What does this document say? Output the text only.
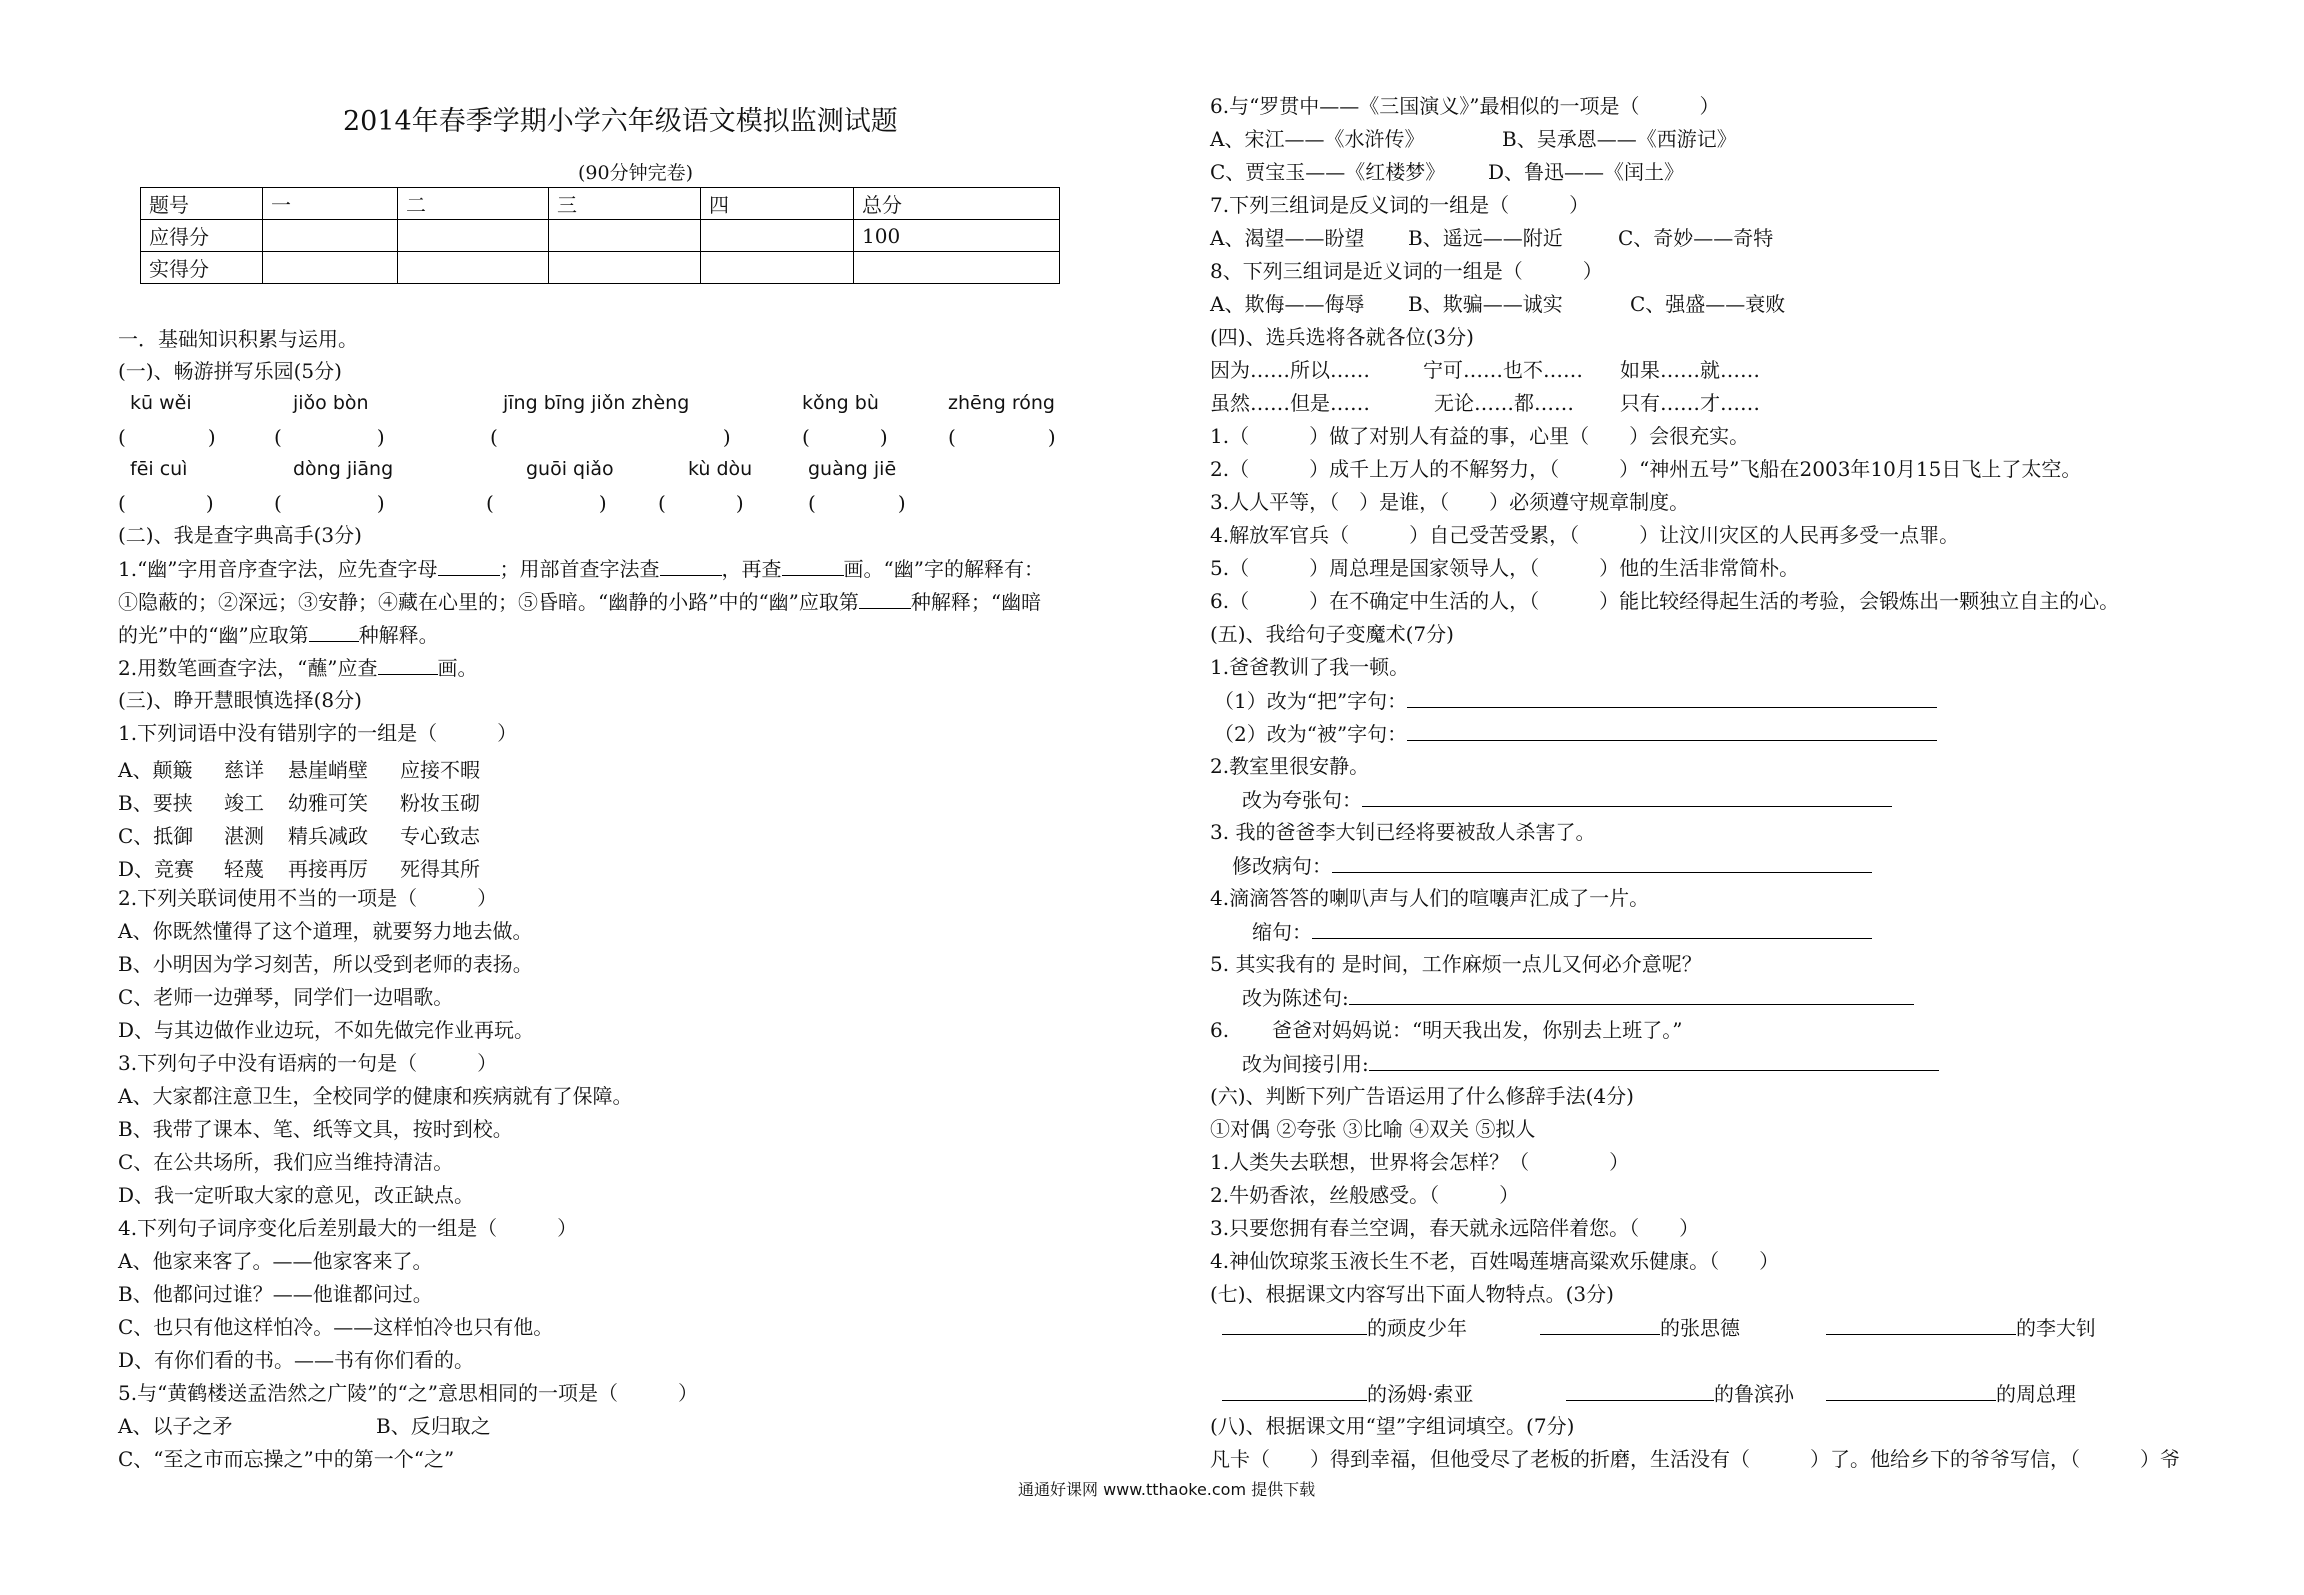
2014年春季学期小学六年级语文模拟监测试题
(90分钟完卷)
题号	一	二	三	四	总分
应得分					100
实得分					
一．基础知识积累与运用。
(一)、畅游拼写乐园(5分)
kū wěi	jiǒo bòn	jīng bīng jiǒn zhèng	kǒng bù	zhēng róng
(	)	(	)	(	)	(	)	(	)
fēi cuì	dòng jiāng	guōi qiǎo	kù dòu	guàng jiē
(	)	(	)	(	)	(	)	(	)
(二)、我是查字典高手(3分)
1.“幽”字用音序查字法，应先查字母	；用部首查字法查	，再查	画。“幽”字的解释有：
①隐蔽的；②深远；③安静；④藏在心里的；⑤昏暗。“幽静的小路”中的“幽”应取第	种解释；“幽暗
的光”中的“幽”应取第	种解释。
2.用数笔画查字法，“蘸”应查	画。
(三)、睁开慧眼慎选择(8分)
1.下列词语中没有错别字的一组是（　　　）
A、颠簸 慈详 悬崖峭壁 应接不暇
B、要挟 竣工 幼雅可笑 粉妆玉砌
C、抵御 湛测 精兵减政 专心致志
D、竞赛 轻蔑 再接再厉 死得其所
2.下列关联词使用不当的一项是（　　　）
A、你既然懂得了这个道理，就要努力地去做。
B、小明因为学习刻苦，所以受到老师的表扬。
C、老师一边弹琴，同学们一边唱歌。
D、与其边做作业边玩，不如先做完作业再玩。
3.下列句子中没有语病的一句是（　　　）
A、大家都注意卫生，全校同学的健康和疾病就有了保障。
B、我带了课本、笔、纸等文具，按时到校。
C、在公共场所，我们应当维持清洁。
D、我一定听取大家的意见，改正缺点。
4.下列句子词序变化后差别最大的一组是（　　　）
A、他家来客了。——他家客来了。
B、他都问过谁？——他谁都问过。
C、也只有他这样怕冷。——这样怕冷也只有他。
D、有你们看的书。——书有你们看的。
5.与“黄鹤楼送孟浩然之广陵”的“之”意思相同的一项是（　　　）
A、以子之矛	B、反归取之
C、“至之市而忘操之”中的第一个“之”
6.与“罗贯中——《三国演义》”最相似的一项是（　　　）
A、宋江——《水浒传》	B、吴承恩——《西游记》
C、贾宝玉——《红楼梦》 D、鲁迅——《闰土》
7.下列三组词是反义词的一组是（　　　）
A、渴望——盼望 B、遥远——附近	C、奇妙——奇特
8、下列三组词是近义词的一组是（　　　）
A、欺侮——侮辱 B、欺骗——诚实	C、强盛——衰败
(四)、选兵选将各就各位(3分)
因为……所以……	宁可……也不…… 如果……就……
虽然……但是……	无论……都…… 只有……才……
1.（　　　）做了对别人有益的事，心里（　　）会很充实。
2.（　　　）成千上万人的不解努力，（　　　）“神州五号”飞船在2003年10月15日飞上了太空。
3.人人平等，（　）是谁，（　　）必须遵守规章制度。
4.解放军官兵（　　　）自己受苦受累，（　　　）让汶川灾区的人民再多受一点罪。
5.（　　　）周总理是国家领导人，（　　　）他的生活非常简朴。
6.（　　　）在不确定中生活的人，（　　　）能比较经得起生活的考验，会锻炼出一颗独立自主的心。
(五)、我给句子变魔术(7分)
1.爸爸教训了我一顿。
（1）改为“把”字句：
（2）改为“被”字句：
2.教室里很安静。
改为夸张句：
3. 我的爸爸李大钊已经将要被敌人杀害了。
修改病句：
4.滴滴答答的喇叭声与人们的喧嚷声汇成了一片。
缩句：
5. 其实我有的 是时间，工作麻烦一点儿又何必介意呢？
改为陈述句:
6. 爸爸对妈妈说：“明天我出发，你别去上班了。”
改为间接引用:
(六)、判断下列广告语运用了什么修辞手法(4分)
①对偶 ②夸张 ③比喻 ④双关 ⑤拟人
1.人类失去联想，世界将会怎样？（　　　　）
2.牛奶香浓，丝般感受。（　　　）
3.只要您拥有春兰空调，春天就永远陪伴着您。（　　）
4.神仙饮琼浆玉液长生不老，百姓喝莲塘高粱欢乐健康。（　　）
(七)、根据课文内容写出下面人物特点。(3分)
的顽皮少年	的张思德	的李大钊
的汤姆·索亚	的鲁滨孙	的周总理
(八)、根据课文用“望”字组词填空。(7分)
凡卡（　　）得到幸福，但他受尽了老板的折磨，生活没有（　　　）了。他给乡下的爷爷写信，（　　　）爷
通通好课网 www.tthaoke.com 提供下载
